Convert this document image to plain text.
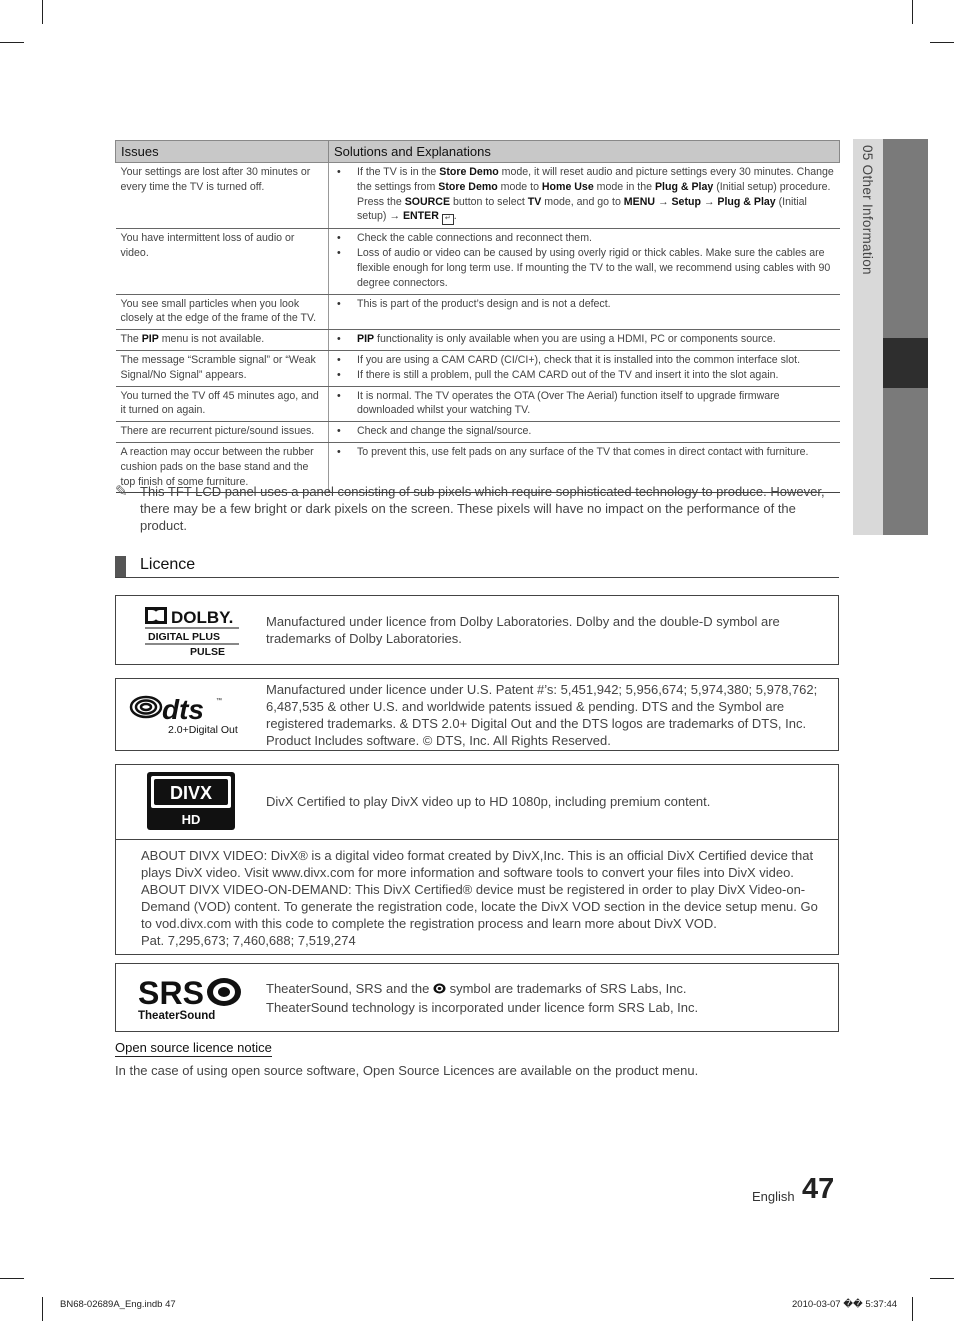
05 Other Information
Issues	Solutions and Explanations
Your settings are lost after 30 minutes or every time the TV is turned off.	• If the TV is in the Store Demo mode, it will reset audio and picture settings every 30 minutes. Change the settings from Store Demo mode to Home Use mode in the Plug & Play (Initial setup) procedure. Press the SOURCE button to select TV mode, and go to MENU → Setup → Plug & Play (Initial setup) → ENTER ↵ .

You have intermittent loss of audio or video.	• Check the cable connections and reconnect them.
• Loss of audio or video can be caused by using overly rigid or thick cables. Make sure the cables are flexible enough for long term use. If mounting the TV to the wall, we recommend using cables with 90 degree connectors.

You see small particles when you look closely at the edge of the frame of the TV.	• This is part of the product’s design and is not a defect.

The PIP menu is not available.	• PIP functionality is only available when you are using a HDMI, PC or components source.

The message “Scramble signal” or “Weak Signal/No Signal” appears.	• If you are using a CAM CARD (CI/CI+), check that it is installed into the common interface slot.
• If there is still a problem, pull the CAM CARD out of the TV and insert it into the slot again.

You turned the TV off 45 minutes ago, and it turned on again.	• It is normal. The TV operates the OTA (Over The Aerial) function itself to upgrade firmware downloaded whilst your watching TV.

There are recurrent picture/sound issues.	• Check and change the signal/source.

A reaction may occur between the rubber cushion pads on the base stand and the top finish of some furniture.	• To prevent this, use felt pads on any surface of the TV that comes in direct contact with furniture.
✎ This TFT LCD panel uses a panel consisting of sub pixels which require sophisticated technology to produce. However, there may be a few bright or dark pixels on the screen. These pixels will have no impact on the performance of the product.
Licence
DOLBY.
DIGITAL PLUS
PULSE
Manufactured under licence from Dolby Laboratories. Dolby and the double-D symbol are trademarks of Dolby Laboratories.
dts ™
2.0+Digital Out
Manufactured under licence under U.S. Patent #’s: 5,451,942; 5,956,674; 5,974,380; 5,978,762; 6,487,535 & other U.S. and worldwide patents issued & pending. DTS and the Symbol are registered trademarks. & DTS 2.0+ Digital Out and the DTS logos are trademarks of DTS, Inc. Product Includes software. © DTS, Inc. All Rights Reserved.
DIVX
HD
DivX Certified to play DivX video up to HD 1080p, including premium content.
ABOUT DIVX VIDEO: DivX® is a digital video format created by DivX,Inc. This is an official DivX Certified device that plays DivX video. Visit www.divx.com for more information and software tools to convert your files into DivX video.
ABOUT DIVX VIDEO-ON-DEMAND: This DivX Certified® device must be registered in order to play DivX Video-on-Demand (VOD) content. To generate the registration code, locate the DivX VOD section in the device setup menu. Go to vod.divx.com with this code to complete the registration process and learn more about DivX VOD.
Pat. 7,295,673; 7,460,688; 7,519,274
SRS
TheaterSound
TheaterSound, SRS and the  symbol are trademarks of SRS Labs, Inc.
TheaterSound technology is incorporated under licence form SRS Lab, Inc.
Open source licence notice
In the case of using open source software, Open Source Licences are available on the product menu.
English 47
BN68-02689A_Eng.indb 47	2010-03-07 �� 5:37:44
